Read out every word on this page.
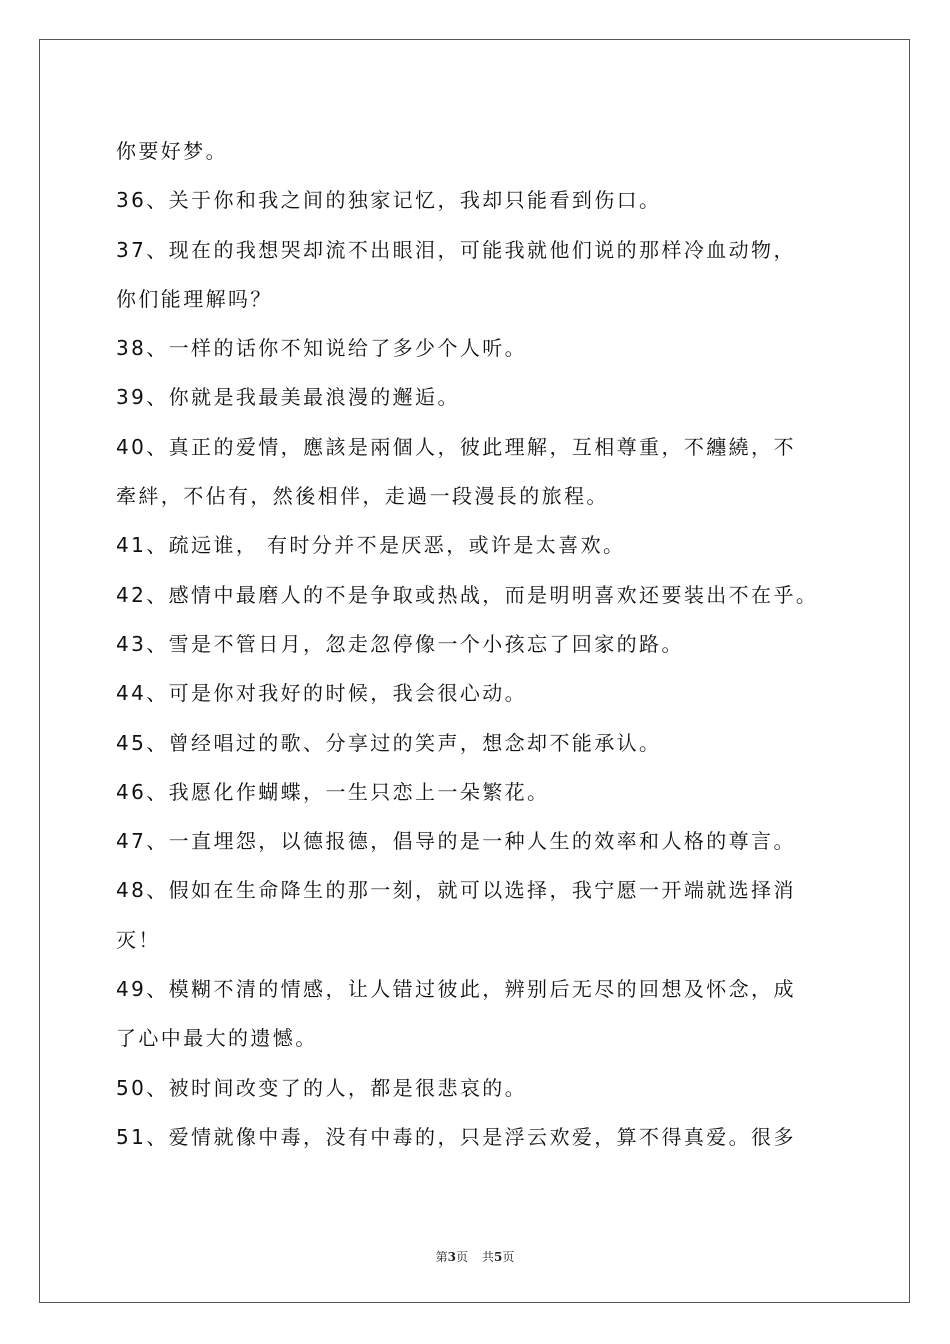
你要好梦。
36、关于你和我之间的独家记忆，我却只能看到伤口。
37、现在的我想哭却流不出眼泪，可能我就他们说的那样冷血动物，
你们能理解吗？
38、一样的话你不知说给了多少个人听。
39、你就是我最美最浪漫的邂逅。
40、真正的爱情，應該是兩個人，彼此理解，互相尊重，不纏繞，不
牽絆，不佔有，然後相伴，走過一段漫長的旅程。
41、疏远谁， 有时分并不是厌恶，或许是太喜欢。
42、感情中最磨人的不是争取或热战，而是明明喜欢还要装出不在乎。
43、雪是不管日月，忽走忽停像一个小孩忘了回家的路。
44、可是你对我好的时候，我会很心动。
45、曾经唱过的歌、分享过的笑声，想念却不能承认。
46、我愿化作蝴蝶，一生只恋上一朵繁花。
47、一直埋怨，以德报德，倡导的是一种人生的效率和人格的尊言。
48、假如在生命降生的那一刻，就可以选择，我宁愿一开端就选择消
灭！
49、模糊不清的情感，让人错过彼此，辨别后无尽的回想及怀念，成
了心中最大的遗憾。
50、被时间改变了的人，都是很悲哀的。
51、爱情就像中毒，没有中毒的，只是浮云欢爱，算不得真爱。很多
第3页 共5页
